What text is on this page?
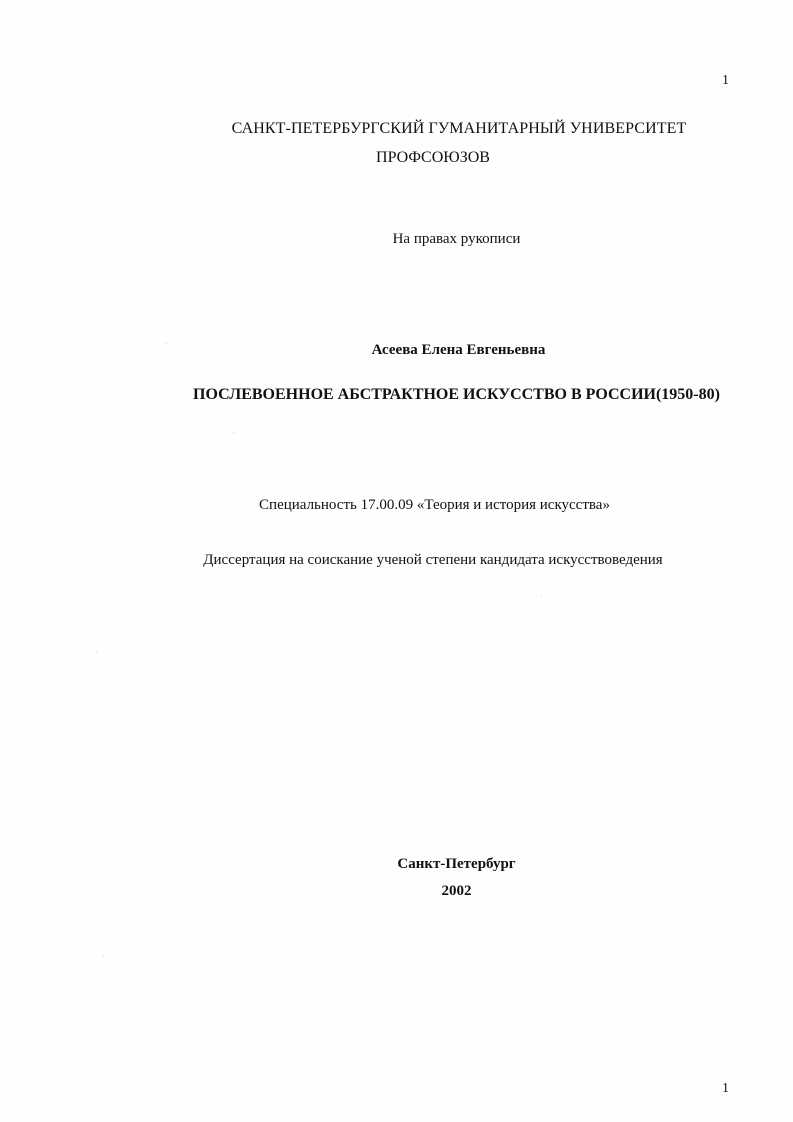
1
САНКТ-ПЕТЕРБУРГСКИЙ ГУМАНИТАРНЫЙ УНИВЕРСИТЕТ
ПРОФСОЮЗОВ
На правах рукописи
Асеева Елена Евгеньевна
ПОСЛЕВОЕННОЕ АБСТРАКТНОЕ ИСКУССТВО В РОССИИ(1950-80)
Специальность 17.00.09 «Теория и история искусства»
Диссертация на соискание ученой степени кандидата искусствоведения
Санкт-Петербург
2002
1
